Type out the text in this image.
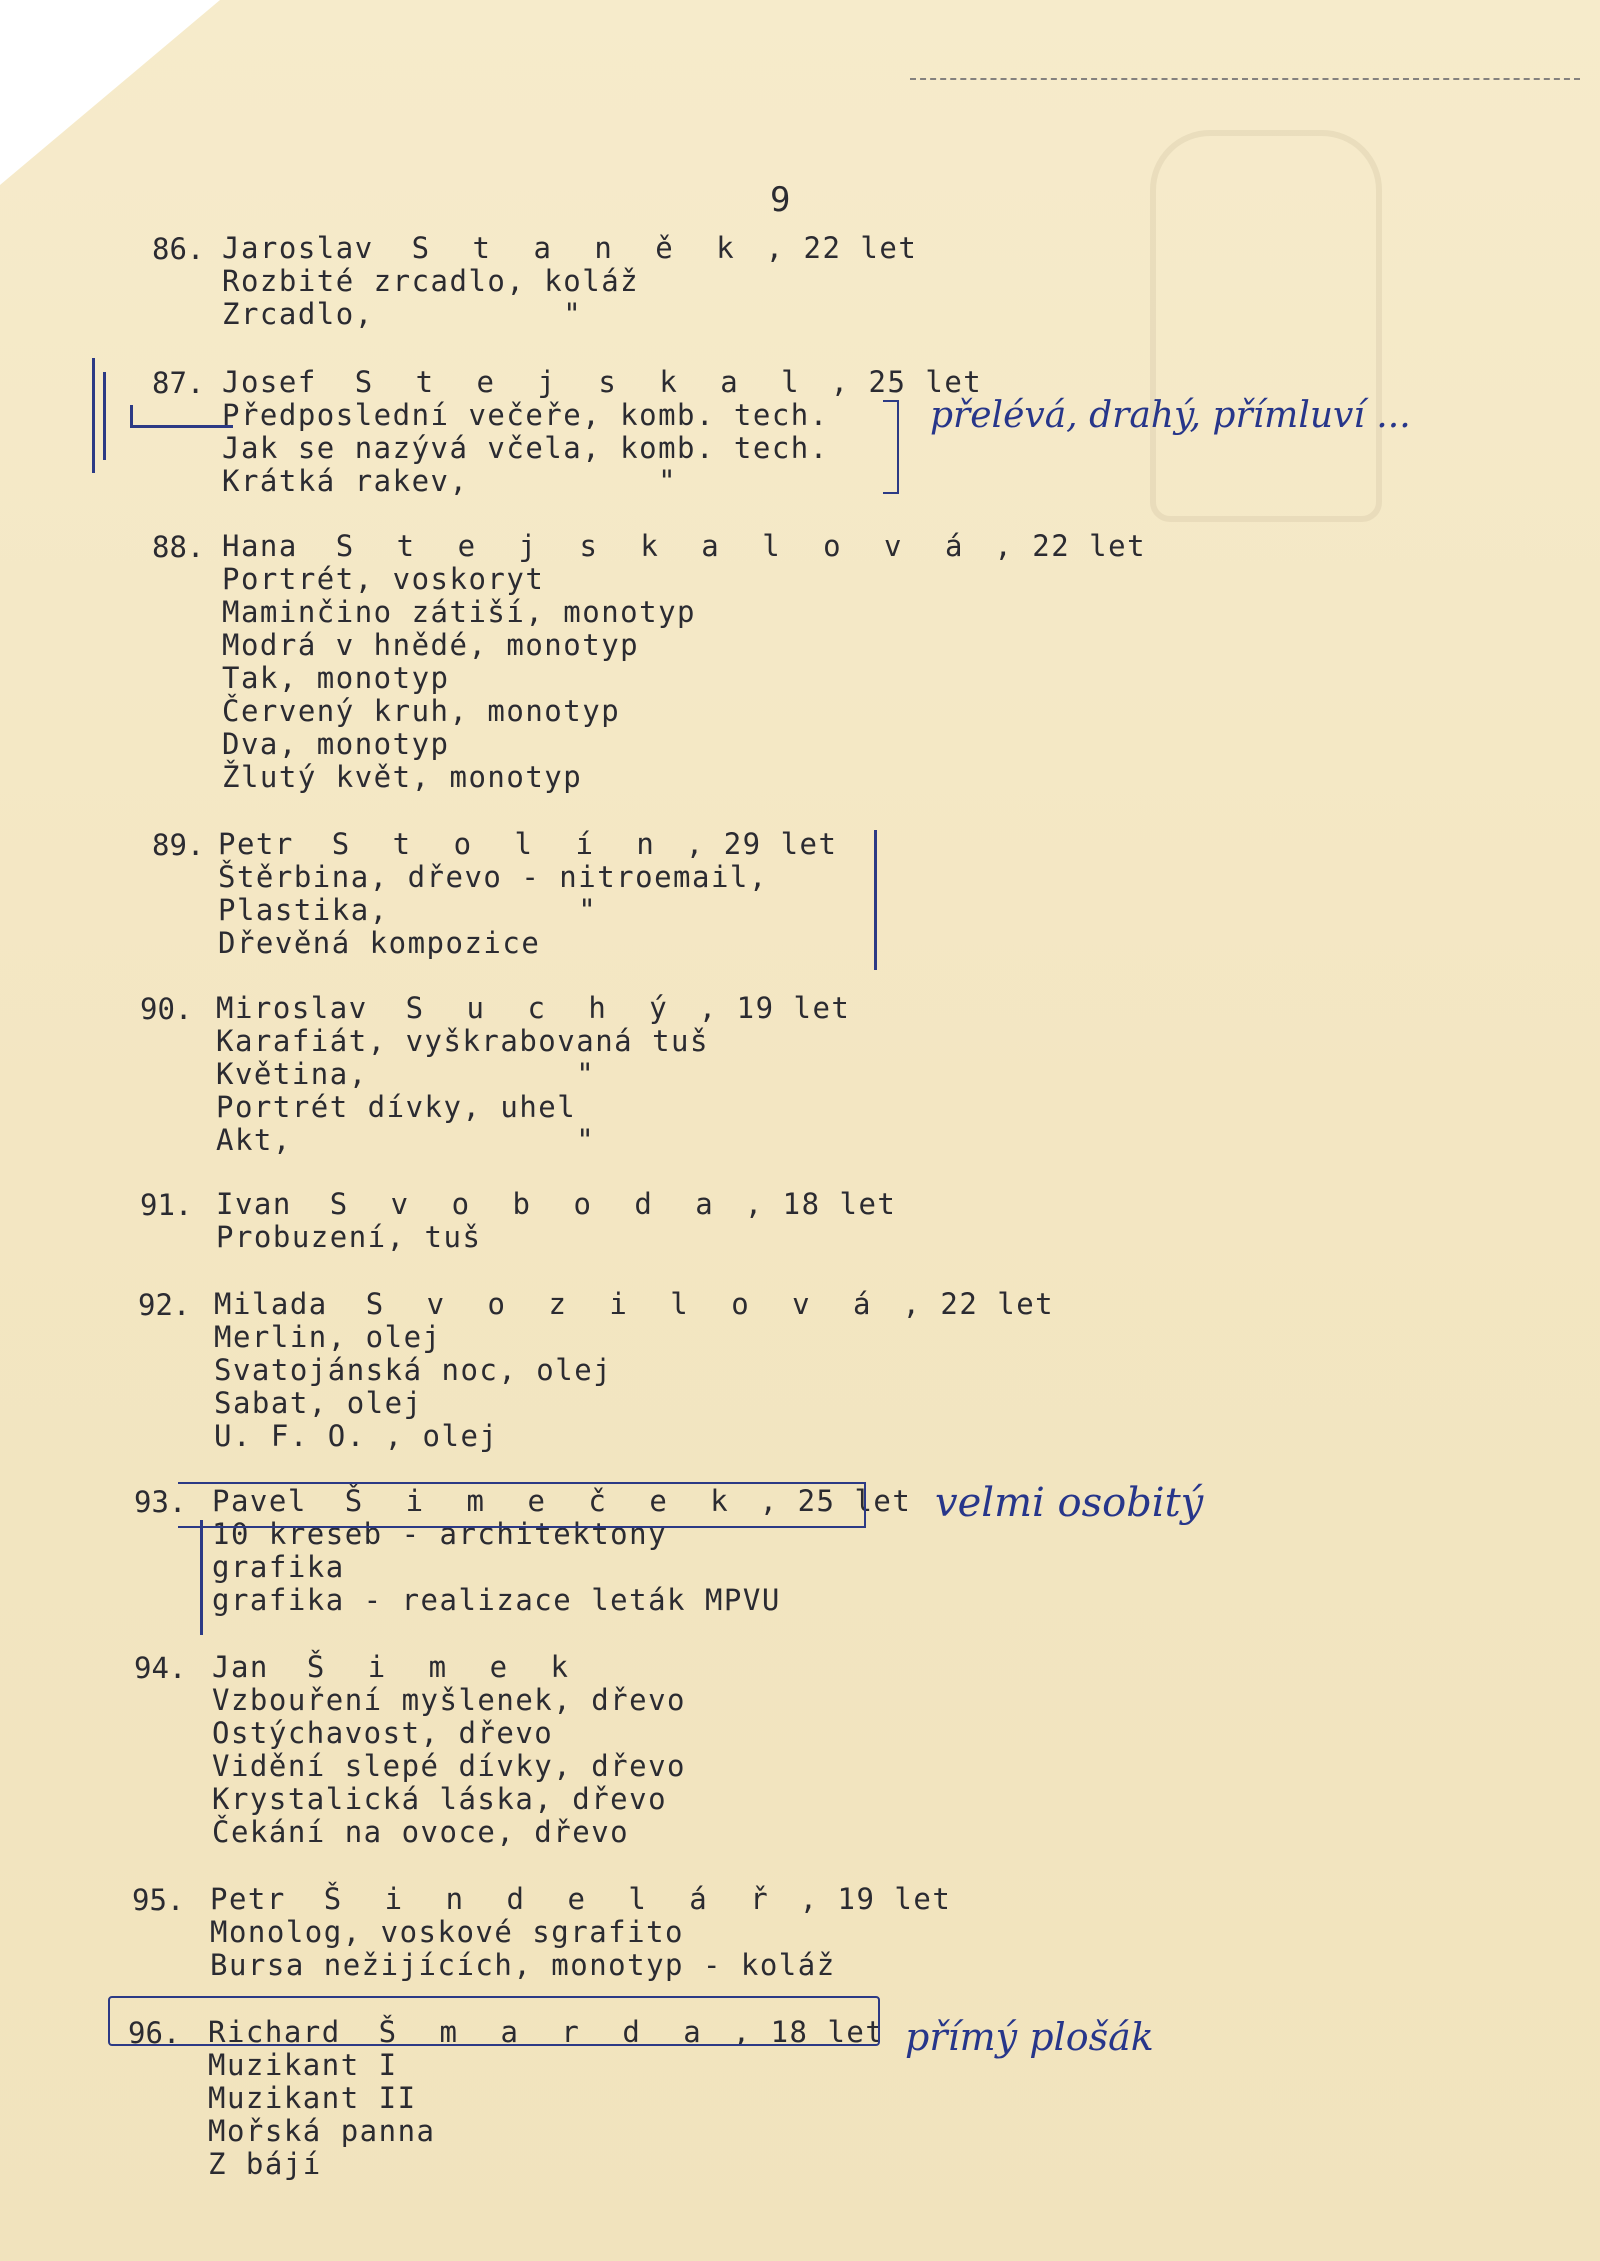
9
86. Jaroslav  S t a n ě k , 22 let
Rozbité zrcadlo, koláž
Zrcadlo,          "
87. Josef  S t e j s k a l , 25 let
Předposlední večeře, komb. tech.
Jak se nazývá včela, komb. tech.
Krátká rakev,          "
88. Hana  S t e j s k a l o v á , 22 let
Portrét, voskoryt
Maminčino zátiší, monotyp
Modrá v hnědé, monotyp
Tak, monotyp
Červený kruh, monotyp
Dva, monotyp
Žlutý květ, monotyp
89. Petr  S t o l í n , 29 let
Štěrbina, dřevo - nitroemail,
Plastika,          "
Dřevěná kompozice
90. Miroslav  S u c h ý , 19 let
Karafiát, vyškrabovaná tuš
Květina,           "
Portrét dívky, uhel
Akt,               "
91. Ivan  S v o b o d a , 18 let
Probuzení, tuš
92. Milada  S v o z i l o v á , 22 let
Merlin, olej
Svatojánská noc, olej
Sabat, olej
U. F. O. , olej
93. Pavel  Š i m e č e k , 25 let
10 kreseb - architektony
grafika
grafika - realizace leták MPVU
94. Jan  Š i m e k
Vzbouření myšlenek, dřevo
Ostýchavost, dřevo
Vidění slepé dívky, dřevo
Krystalická láska, dřevo
Čekání na ovoce, dřevo
95. Petr  Š i n d e l á ř , 19 let
Monolog, voskové sgrafito
Bursa nežijících, monotyp - koláž
96. Richard  Š m a r d a , 18 let
Muzikant I
Muzikant II
Mořská panna
Z bájí
přelévá, drahý, přímluví ...
velmi osobitý
přímý plošák
